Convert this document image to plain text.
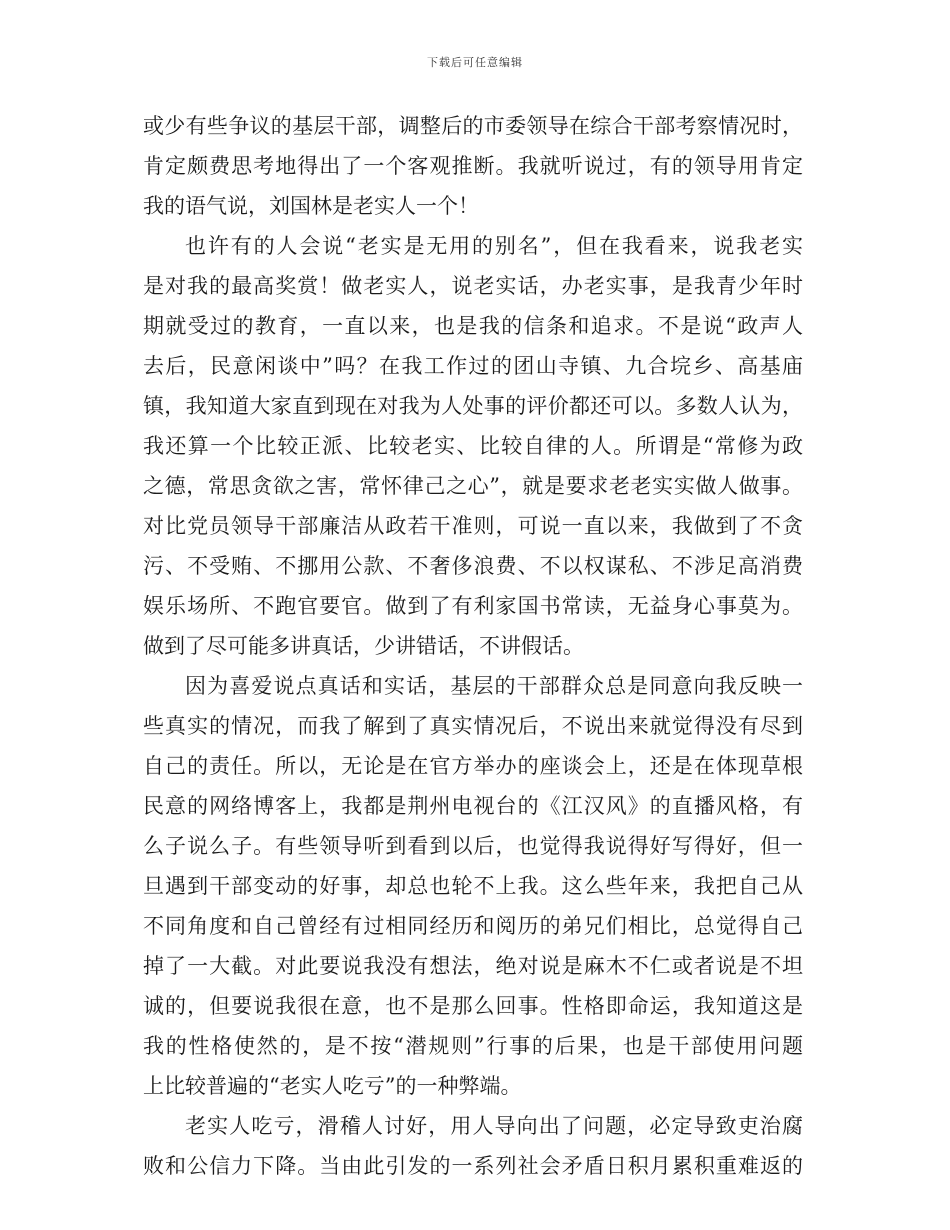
下载后可任意编辑
或少有些争议的基层干部，调整后的市委领导在综合干部考察情况时，
肯定颇费思考地得出了一个客观推断。我就听说过，有的领导用肯定
我的语气说，刘国林是老实人一个！
也许有的人会说“老实是无用的别名”，但在我看来，说我老实
是对我的最高奖赏！做老实人，说老实话，办老实事，是我青少年时
期就受过的教育，一直以来，也是我的信条和追求。不是说“政声人
去后，民意闲谈中”吗？在我工作过的团山寺镇、九合垸乡、高基庙
镇，我知道大家直到现在对我为人处事的评价都还可以。多数人认为，
我还算一个比较正派、比较老实、比较自律的人。所谓是“常修为政
之德，常思贪欲之害，常怀律己之心”，就是要求老老实实做人做事。
对比党员领导干部廉洁从政若干准则，可说一直以来，我做到了不贪
污、不受贿、不挪用公款、不奢侈浪费、不以权谋私、不涉足高消费
娱乐场所、不跑官要官。做到了有利家国书常读，无益身心事莫为。
做到了尽可能多讲真话，少讲错话，不讲假话。
因为喜爱说点真话和实话，基层的干部群众总是同意向我反映一
些真实的情况，而我了解到了真实情况后，不说出来就觉得没有尽到
自己的责任。所以，无论是在官方举办的座谈会上，还是在体现草根
民意的网络博客上，我都是荆州电视台的《江汉风》的直播风格，有
么子说么子。有些领导听到看到以后，也觉得我说得好写得好，但一
旦遇到干部变动的好事，却总也轮不上我。这么些年来，我把自己从
不同角度和自己曾经有过相同经历和阅历的弟兄们相比，总觉得自己
掉了一大截。对此要说我没有想法，绝对说是麻木不仁或者说是不坦
诚的，但要说我很在意，也不是那么回事。性格即命运，我知道这是
我的性格使然的，是不按“潜规则”行事的后果，也是干部使用问题
上比较普遍的“老实人吃亏”的一种弊端。
老实人吃亏，滑稽人讨好，用人导向出了问题，必定导致吏治腐
败和公信力下降。当由此引发的一系列社会矛盾日积月累积重难返的
